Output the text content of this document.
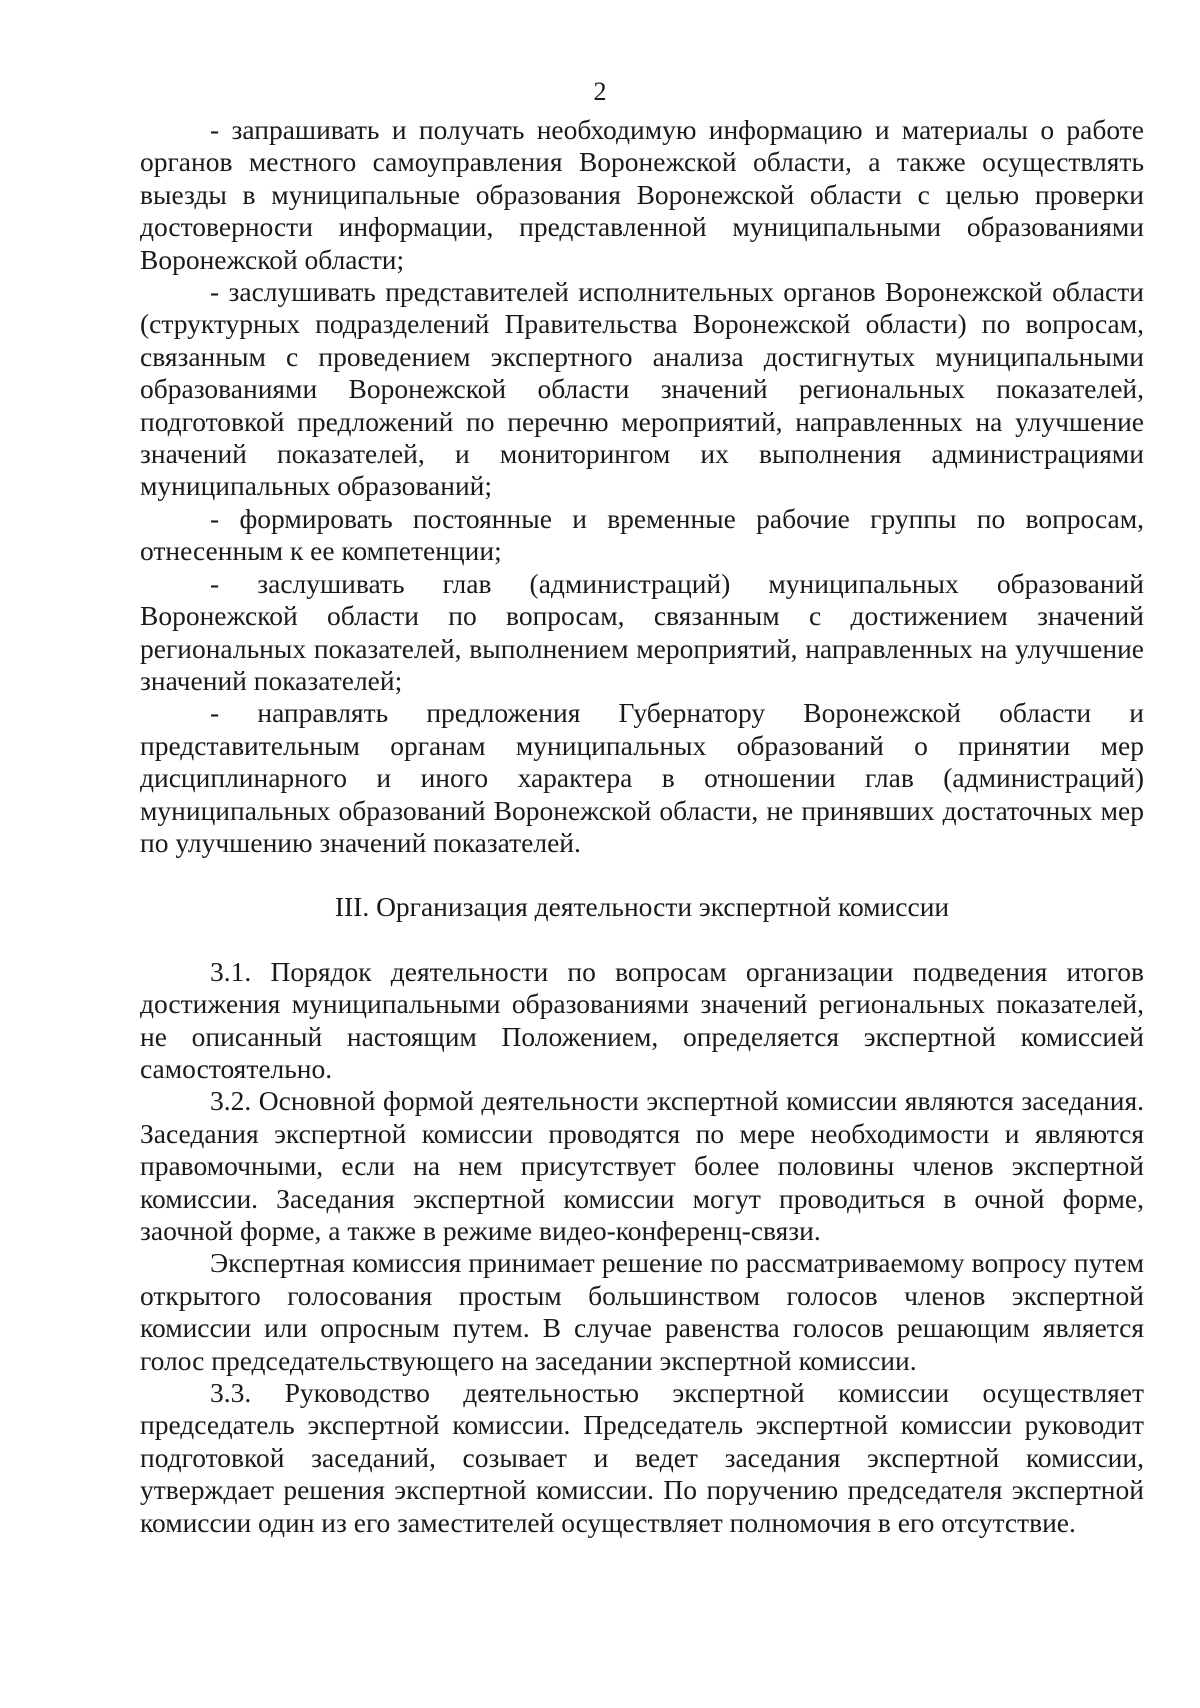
2

- запрашивать и получать необходимую информацию и материалы о работе органов местного самоуправления Воронежской области, а также осуществлять выезды в муниципальные образования Воронежской области с целью проверки достоверности информации, представленной муниципальными образованиями Воронежской области;

- заслушивать представителей исполнительных органов Воронежской области (структурных подразделений Правительства Воронежской области) по вопросам, связанным с проведением экспертного анализа достигнутых муниципальными образованиями Воронежской области значений региональных показателей, подготовкой предложений по перечню мероприятий, направленных на улучшение значений показателей, и мониторингом их выполнения администрациями муниципальных образований;

- формировать постоянные и временные рабочие группы по вопросам, отнесенным к ее компетенции;

- заслушивать глав (администраций) муниципальных образований Воронежской области по вопросам, связанным с достижением значений региональных показателей, выполнением мероприятий, направленных на улучшение значений показателей;

- направлять предложения Губернатору Воронежской области и представительным органам муниципальных образований о принятии мер дисциплинарного и иного характера в отношении глав (администраций) муниципальных образований Воронежской области, не принявших достаточных мер по улучшению значений показателей.

III. Организация деятельности экспертной комиссии

3.1. Порядок деятельности по вопросам организации подведения итогов достижения муниципальными образованиями значений региональных показателей, не описанный настоящим Положением, определяется экспертной комиссией самостоятельно.

3.2. Основной формой деятельности экспертной комиссии являются заседания. Заседания экспертной комиссии проводятся по мере необходимости и являются правомочными, если на нем присутствует более половины членов экспертной комиссии. Заседания экспертной комиссии могут проводиться в очной форме, заочной форме, а также в режиме видео-конференц-связи.

Экспертная комиссия принимает решение по рассматриваемому вопросу путем открытого голосования простым большинством голосов членов экспертной комиссии или опросным путем. В случае равенства голосов решающим является голос председательствующего на заседании экспертной комиссии.

3.3. Руководство деятельностью экспертной комиссии осуществляет председатель экспертной комиссии. Председатель экспертной комиссии руководит подготовкой заседаний, созывает и ведет заседания экспертной комиссии, утверждает решения экспертной комиссии. По поручению председателя экспертной комиссии один из его заместителей осуществляет полномочия в его отсутствие.
